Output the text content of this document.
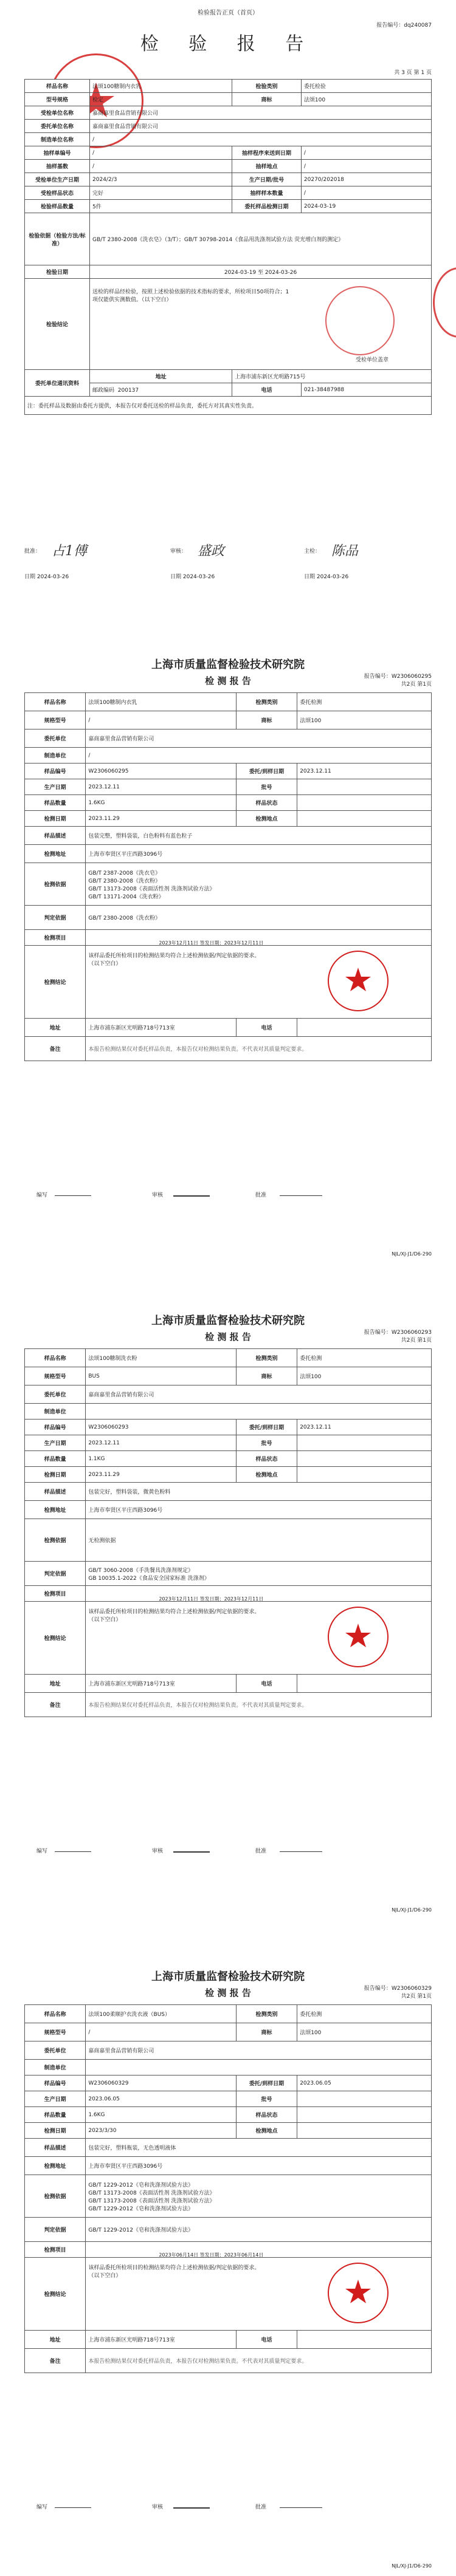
检验报告正页（首页）
报告编号：dq240087
检 验 报 告
共 3 页 第 1 页
样品名称	法颂100糖制内衣乳	检验类别	委托检验
型号规格	检定	商标	法颂100
受检单位名称	嘉商嘉里食品营销有限公司		
委托单位名称	嘉商嘉里食品营销有限公司		
制造单位名称	/		
抽样单编号	/	抽样程序来送到日期	/
抽样基数	/	抽样地点	/
受检单位生产日期	2024/2/3	生产日期/批号	20270/202018
受检样品状态	完好	抽样样本数量	/
检验样品数量	5件	委托样品检测日期	2024-03-19
检验依据（检验方法/标准）	GB/T 2380-2008《洗衣皂》（3/T）；GB/T 30798-2014《食品用洗涤剂试验方法 荧光增白剂的测定》		
检验日期	2024-03-19 至 2024-03-26		
检验结论	送检的样品经检验，按照上述检验依据的技术指标的要求，所检项目50项符合；1项仅能供实测数值。（以下空白）
受检单位盖章		

委托单位通讯资料	地址	上海市浦东新区光明路715号	
	邮政编码 200137	电话	021-38487988
注：委托样品及数据由委托方提供，本报告仅对委托送检的样品负责，委托方对其真实性负责。			
批准： 占1傅	审核： 盛政	主检： 陈品
日期 2024-03-26	日期 2024-03-26	日期 2024-03-26
上海市质量监督检验技术研究院
检 测 报 告	报告编号：W2306060295
共2页 第1页
样品名称	法颂100糖制内衣乳	检测类别	委托检测
规格型号	/	商标	法颂100
委托单位	嘉商嘉里食品营销有限公司		
制造单位	/		
样品编号	W2306060295	委托/到样日期	2023.12.11
生产日期	2023.12.11	批号	
样品数量	1.6KG	样品状态	
检测日期	2023.11.29	检测地点	
样品描述	包装完整，塑料袋装，白色粉料有蓝色粒子		
检测地址	上海市奉贤区平庄西路3096号		
检测依据	GB/T 2387-2008《洗衣皂》
GB/T 2380-2008《洗衣粉》
GB/T 13173-2008《表面活性剂 洗涤剂试验方法》
GB/T 13171-2004《洗衣粉》		
判定依据	GB/T 2380-2008《洗衣粉》		
检测项目			
检测结论	该样品委托所检项目的检测结果均符合上述检测依据/判定依据的要求。
（以下空白）
2023年12月11日 签发日期：2023年12月11日		

地址	上海市浦东新区光明路718号713室	电话	
备注	本报告检测结果仅对委托样品负责，本报告仅对检测结果负责。不代表对其质量判定要求。		
编写	审核	批准
NJL/XJ-J1/D6-290
上海市质量监督检验技术研究院
检 测 报 告	报告编号：W2306060293
共2页 第1页
样品名称	法颂100糖制洗衣粉	检测类别	委托检测
规格型号	BUS	商标	法颂100
委托单位	嘉商嘉里食品营销有限公司		
制造单位			
样品编号	W2306060293	委托/到样日期	2023.12.11
生产日期	2023.12.11	批号	
样品数量	1.1KG	样品状态	
检测日期	2023.11.29	检测地点	
样品描述	包装完好，塑料袋装，微黄色粉料		
检测地址	上海市奉贤区平庄西路3096号		
检测依据	无检测依据		
判定依据	GB/T 3060-2008《手洗餐具洗涤剂规定》
GB 10035.1-2022《食品安全国家标准 洗涤剂》		
检测项目			
检测结论	该样品委托所检项目的检测结果均符合上述检测依据/判定依据的要求。
（以下空白）
2023年12月11日 签发日期：2023年12月11日		

地址	上海市浦东新区光明路718号713室	电话	
备注	本报告检测结果仅对委托样品负责，本报告仅对检测结果负责。不代表对其质量判定要求。		
编写	审核	批准
NJL/XJ-J1/D6-290
上海市质量监督检验技术研究院
检 测 报 告	报告编号：W2306060329
共2页 第1页
样品名称	法颂100柔顺护衣洗衣液（BUS）	检测类别	委托检测
规格型号	/	商标	法颂100
委托单位	嘉商嘉里食品营销有限公司		
制造单位			
样品编号	W2306060329	委托/到样日期	2023.06.05
生产日期	2023.06.05	批号	
样品数量	1.6KG	样品状态	
检测日期	2023/3/30	检测地点	
样品描述	包装完好，塑料瓶装，无色透明液体		
检测地址	上海市奉贤区平庄西路3096号		
检测依据	GB/T 1229-2012《皂和洗涤剂试验方法》
GB/T 13173-2008《表面活性剂 洗涤剂试验方法》
GB/T 13173-2008《表面活性剂 洗涤剂试验方法》
GB/T 1229-2012《皂和洗涤剂试验方法》		
判定依据	GB/T 1229-2012《皂和洗涤剂试验方法》		
检测项目			
检测结论	该样品委托所检项目的检测结果均符合上述检测依据/判定依据的要求。
（以下空白）
2023年06月14日 签发日期：2023年06月14日		

地址	上海市浦东新区光明路718号713室	电话	
备注	本报告检测结果仅对委托样品负责，本报告仅对检测结果负责。不代表对其质量判定要求。		
编写	审核	批准
NJL/XJ-J1/D6-290
